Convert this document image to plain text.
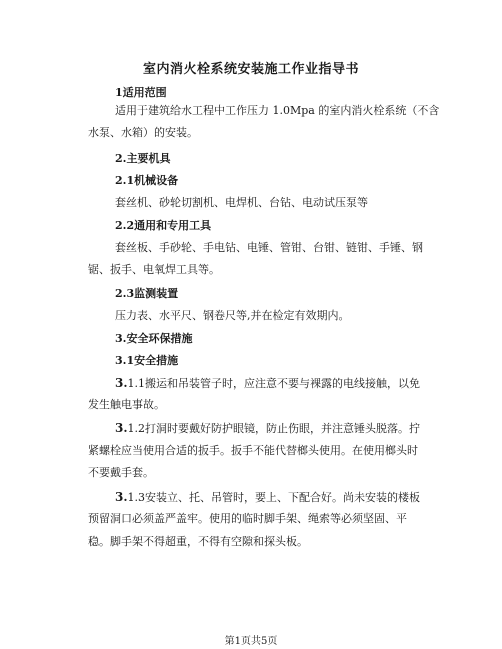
室内消火栓系统安装施工作业指导书
1适用范围
适用于建筑给水工程中工作压力 1.0Mpa 的室内消火栓系统（不含
水泵、水箱）的安装。
2.主要机具
2.1机械设备
套丝机、砂轮切割机、电焊机、台钻、电动试压泵等
2.2通用和专用工具
套丝板、手砂轮、手电钻、电锤、管钳、台钳、链钳、手锤、钢
锯、扳手、电氧焊工具等。
2.3监测装置
压力表、水平尺、钢卷尺等,并在检定有效期内。
3.安全环保措施
3.1安全措施
3.1.1搬运和吊装管子时，应注意不要与裸露的电线接触，以免
发生触电事故。
3.1.2打洞时要戴好防护眼镜，防止伤眼，并注意锤头脱落。拧
紧螺栓应当使用合适的扳手。扳手不能代替榔头使用。在使用榔头时
不要戴手套。
3.1.3安装立、托、吊管时，要上、下配合好。尚未安装的楼板
预留洞口必须盖严盖牢。使用的临时脚手架、绳索等必须坚固、平
稳。脚手架不得超重，不得有空隙和探头板。
第1页共5页
